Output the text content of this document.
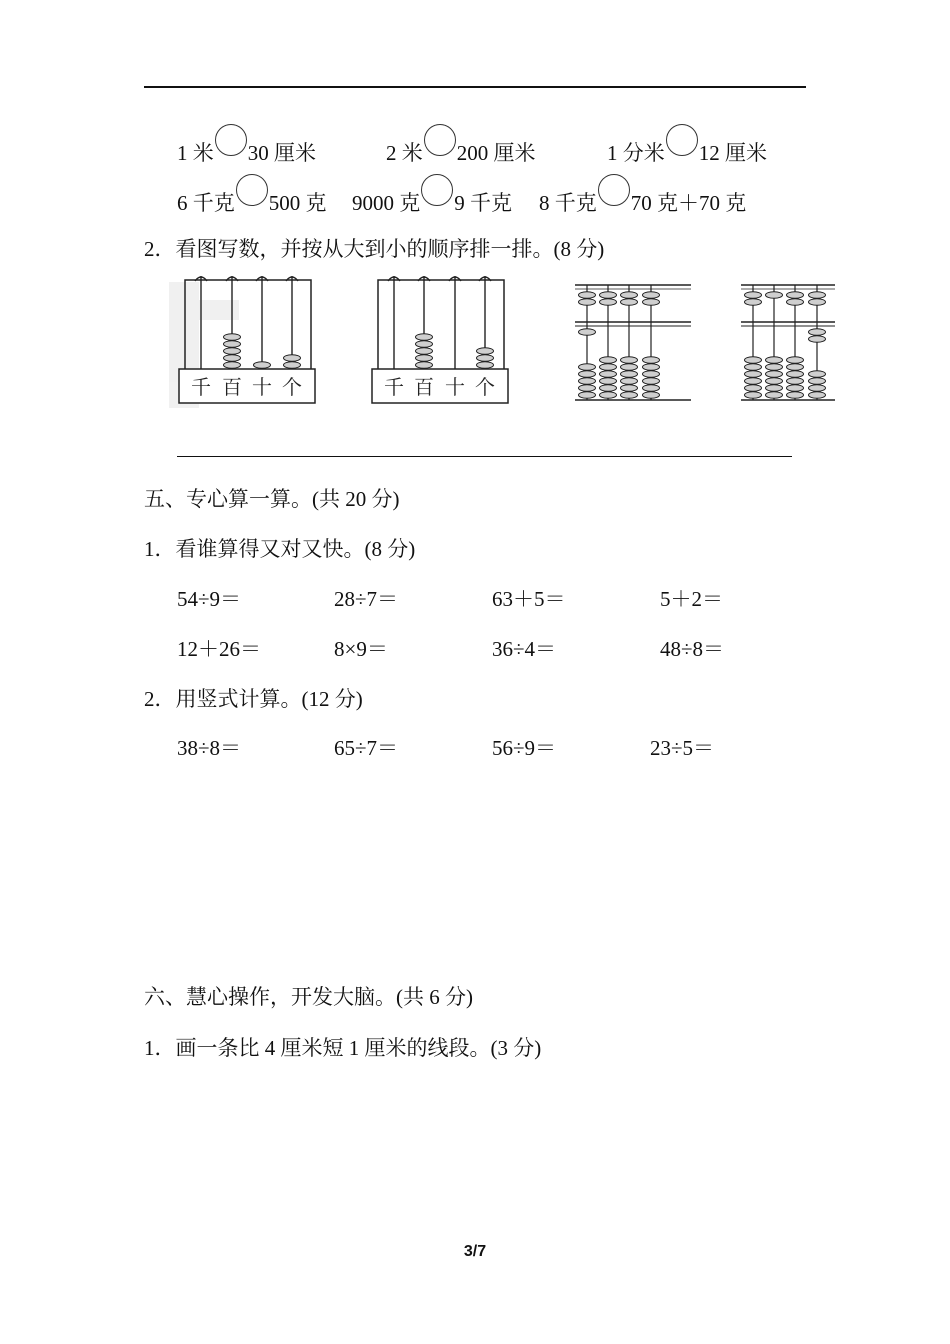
1 米 30 厘米	2 米 200 厘米	1 分米 12 厘米
6 千克 500 克 9000 克 9 千克 8 千克 70 克＋70 克
2．看图写数，并按从大到小的顺序排一排。(8 分)
千 百 十 个	千 百 十 个
五、专心算一算。(共 20 分)
1．看谁算得又对又快。(8 分)
54÷9＝	28÷7＝	63＋5＝	5＋2＝
12＋26＝	8×9＝	36÷4＝	48÷8＝
2．用竖式计算。(12 分)
38÷8＝	65÷7＝	56÷9＝	23÷5＝
六、慧心操作，开发大脑。(共 6 分)
1．画一条比 4 厘米短 1 厘米的线段。(3 分)
3/7
